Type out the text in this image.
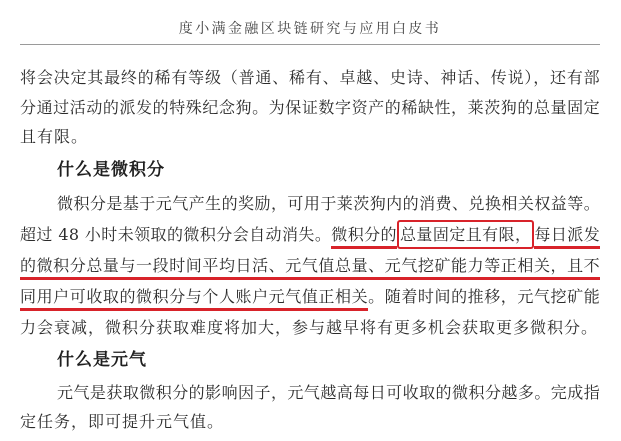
度小满金融区块链研究与应用白皮书
将会决定其最终的稀有等级（普通、稀有、卓越、史诗、神话、传说），还有部
分通过活动的派发的特殊纪念狗。为保证数字资产的稀缺性，莱茨狗的总量固定
且有限。
什么是微积分
微积分是基于元气产生的奖励，可用于莱茨狗内的消费、兑换相关权益等。
超过 48 小时未领取的微积分会自动消失。微积分的 总量固定且有限， 每日派发
的微积分总量与一段时间平均日活、元气值总量、元气挖矿能力等正相关，且不
同用户可收取的微积分与个人账户元气值正相关。随着时间的推移，元气挖矿能
力会衰减，微积分获取难度将加大，参与越早将有更多机会获取更多微积分。
什么是元气
元气是获取微积分的影响因子，元气越高每日可收取的微积分越多。完成指
定任务，即可提升元气值。
